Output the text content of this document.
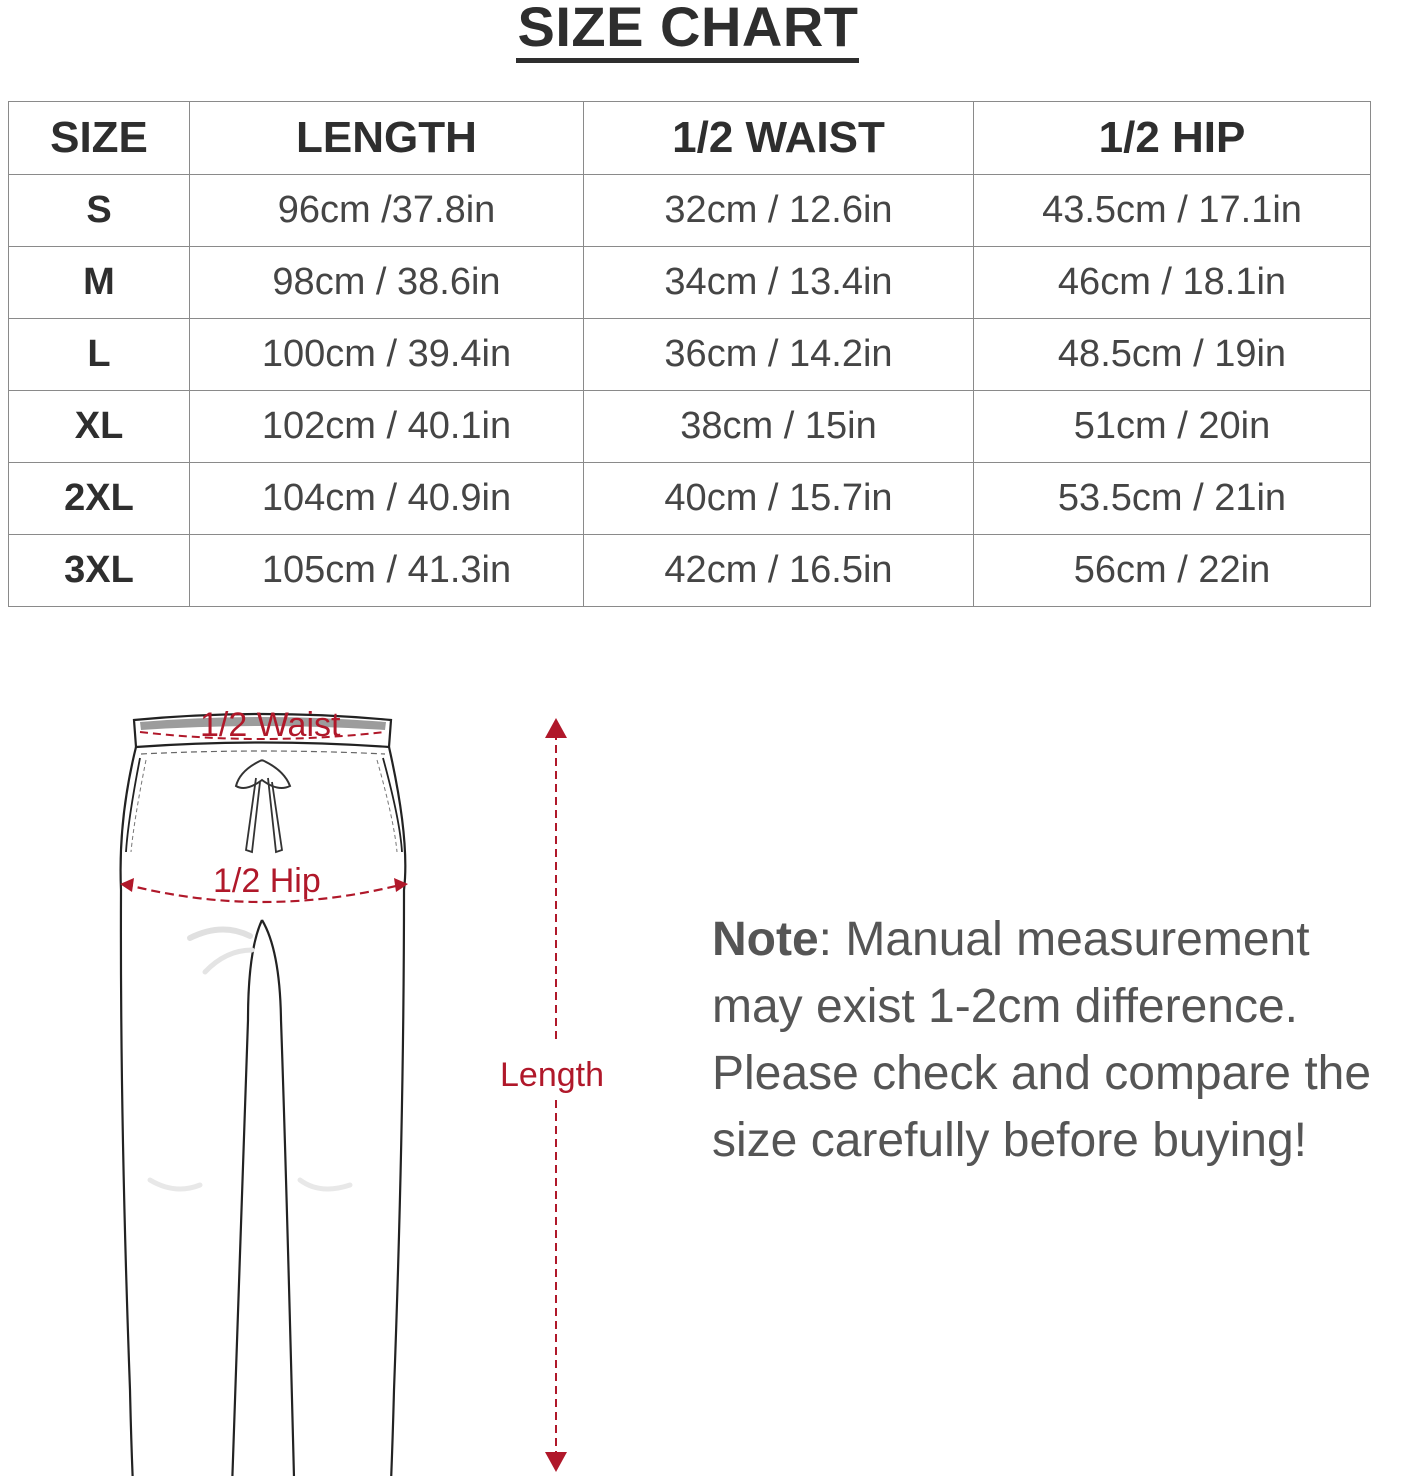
SIZE CHART
SIZE	LENGTH	1/2 WAIST	1/2 HIP
S	96cm /37.8in	32cm / 12.6in	43.5cm / 17.1in
M	98cm / 38.6in	34cm / 13.4in	46cm / 18.1in
L	100cm / 39.4in	36cm / 14.2in	48.5cm / 19in
XL	102cm / 40.1in	38cm / 15in	51cm / 20in
2XL	104cm / 40.9in	40cm / 15.7in	53.5cm / 21in
3XL	105cm / 41.3in	42cm / 16.5in	56cm / 22in
1/2 Waist
1/2 Hip
Length
Note: Manual measurement may exist 1-2cm difference. Please check and compare the size carefully before buying!
